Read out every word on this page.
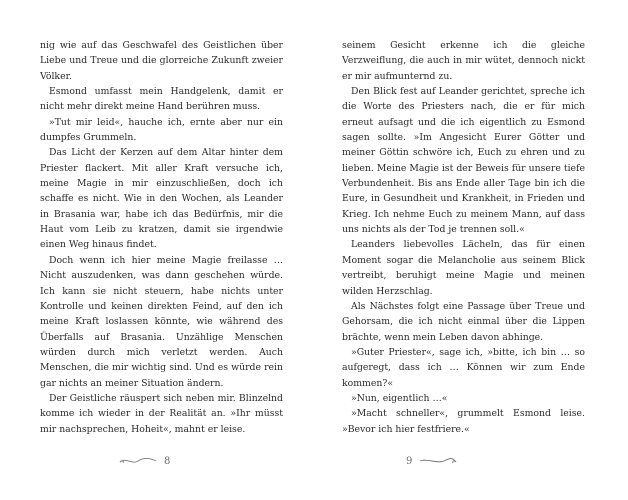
nig wie auf das Geschwafel des Geistlichen über Liebe und Treue und die glorreiche Zukunft zweier Völker.

Esmond umfasst mein Handgelenk, damit er nicht mehr direkt meine Hand berühren muss.

»Tut mir leid«, hauche ich, ernte aber nur ein dumpfes Grummeln.

Das Licht der Kerzen auf dem Altar hinter dem Priester flackert. Mit aller Kraft versuche ich, meine Magie in mir einzuschließen, doch ich schaffe es nicht. Wie in den Wochen, als Leander in Brasania war, habe ich das Bedürfnis, mir die Haut vom Leib zu kratzen, damit sie irgendwie einen Weg hinaus findet.

Doch wenn ich hier meine Magie freilasse … Nicht auszudenken, was dann geschehen würde. Ich kann sie nicht steuern, habe nichts unter Kontrolle und keinen direkten Feind, auf den ich meine Kraft loslassen könnte, wie während des Überfalls auf Brasania. Unzählige Menschen würden durch mich verletzt werden. Auch Menschen, die mir wichtig sind. Und es würde rein gar nichts an meiner Situation ändern.

Der Geistliche räuspert sich neben mir. Blinzelnd komme ich wieder in der Realität an. »Ihr müsst mir nachsprechen, Hoheit«, mahnt er leise.

seinem Gesicht erkenne ich die gleiche Verzweiflung, die auch in mir wütet, dennoch nickt er mir aufmunternd zu.

Den Blick fest auf Leander gerichtet, spreche ich die Worte des Priesters nach, die er für mich erneut aufsagt und die ich eigentlich zu Esmond sagen sollte. »Im Angesicht Eurer Götter und meiner Göttin schwöre ich, Euch zu ehren und zu lieben. Meine Magie ist der Beweis für unsere tiefe Verbundenheit. Bis ans Ende aller Tage bin ich die Eure, in Gesundheit und Krankheit, in Frieden und Krieg. Ich nehme Euch zu meinem Mann, auf dass uns nichts als der Tod je trennen soll.«

Leanders liebevolles Lächeln, das für einen Moment sogar die Melancholie aus seinem Blick vertreibt, beruhigt meine Magie und meinen wilden Herzschlag.

Als Nächstes folgt eine Passage über Treue und Gehorsam, die ich nicht einmal über die Lippen brächte, wenn mein Leben davon abhinge.

»Guter Priester«, sage ich, »bitte, ich bin … so aufgeregt, dass ich … Können wir zum Ende kommen?«

»Nun, eigentlich …«

»Macht schneller«, grummelt Esmond leise. »Bevor ich hier festfriere.«

8	9
